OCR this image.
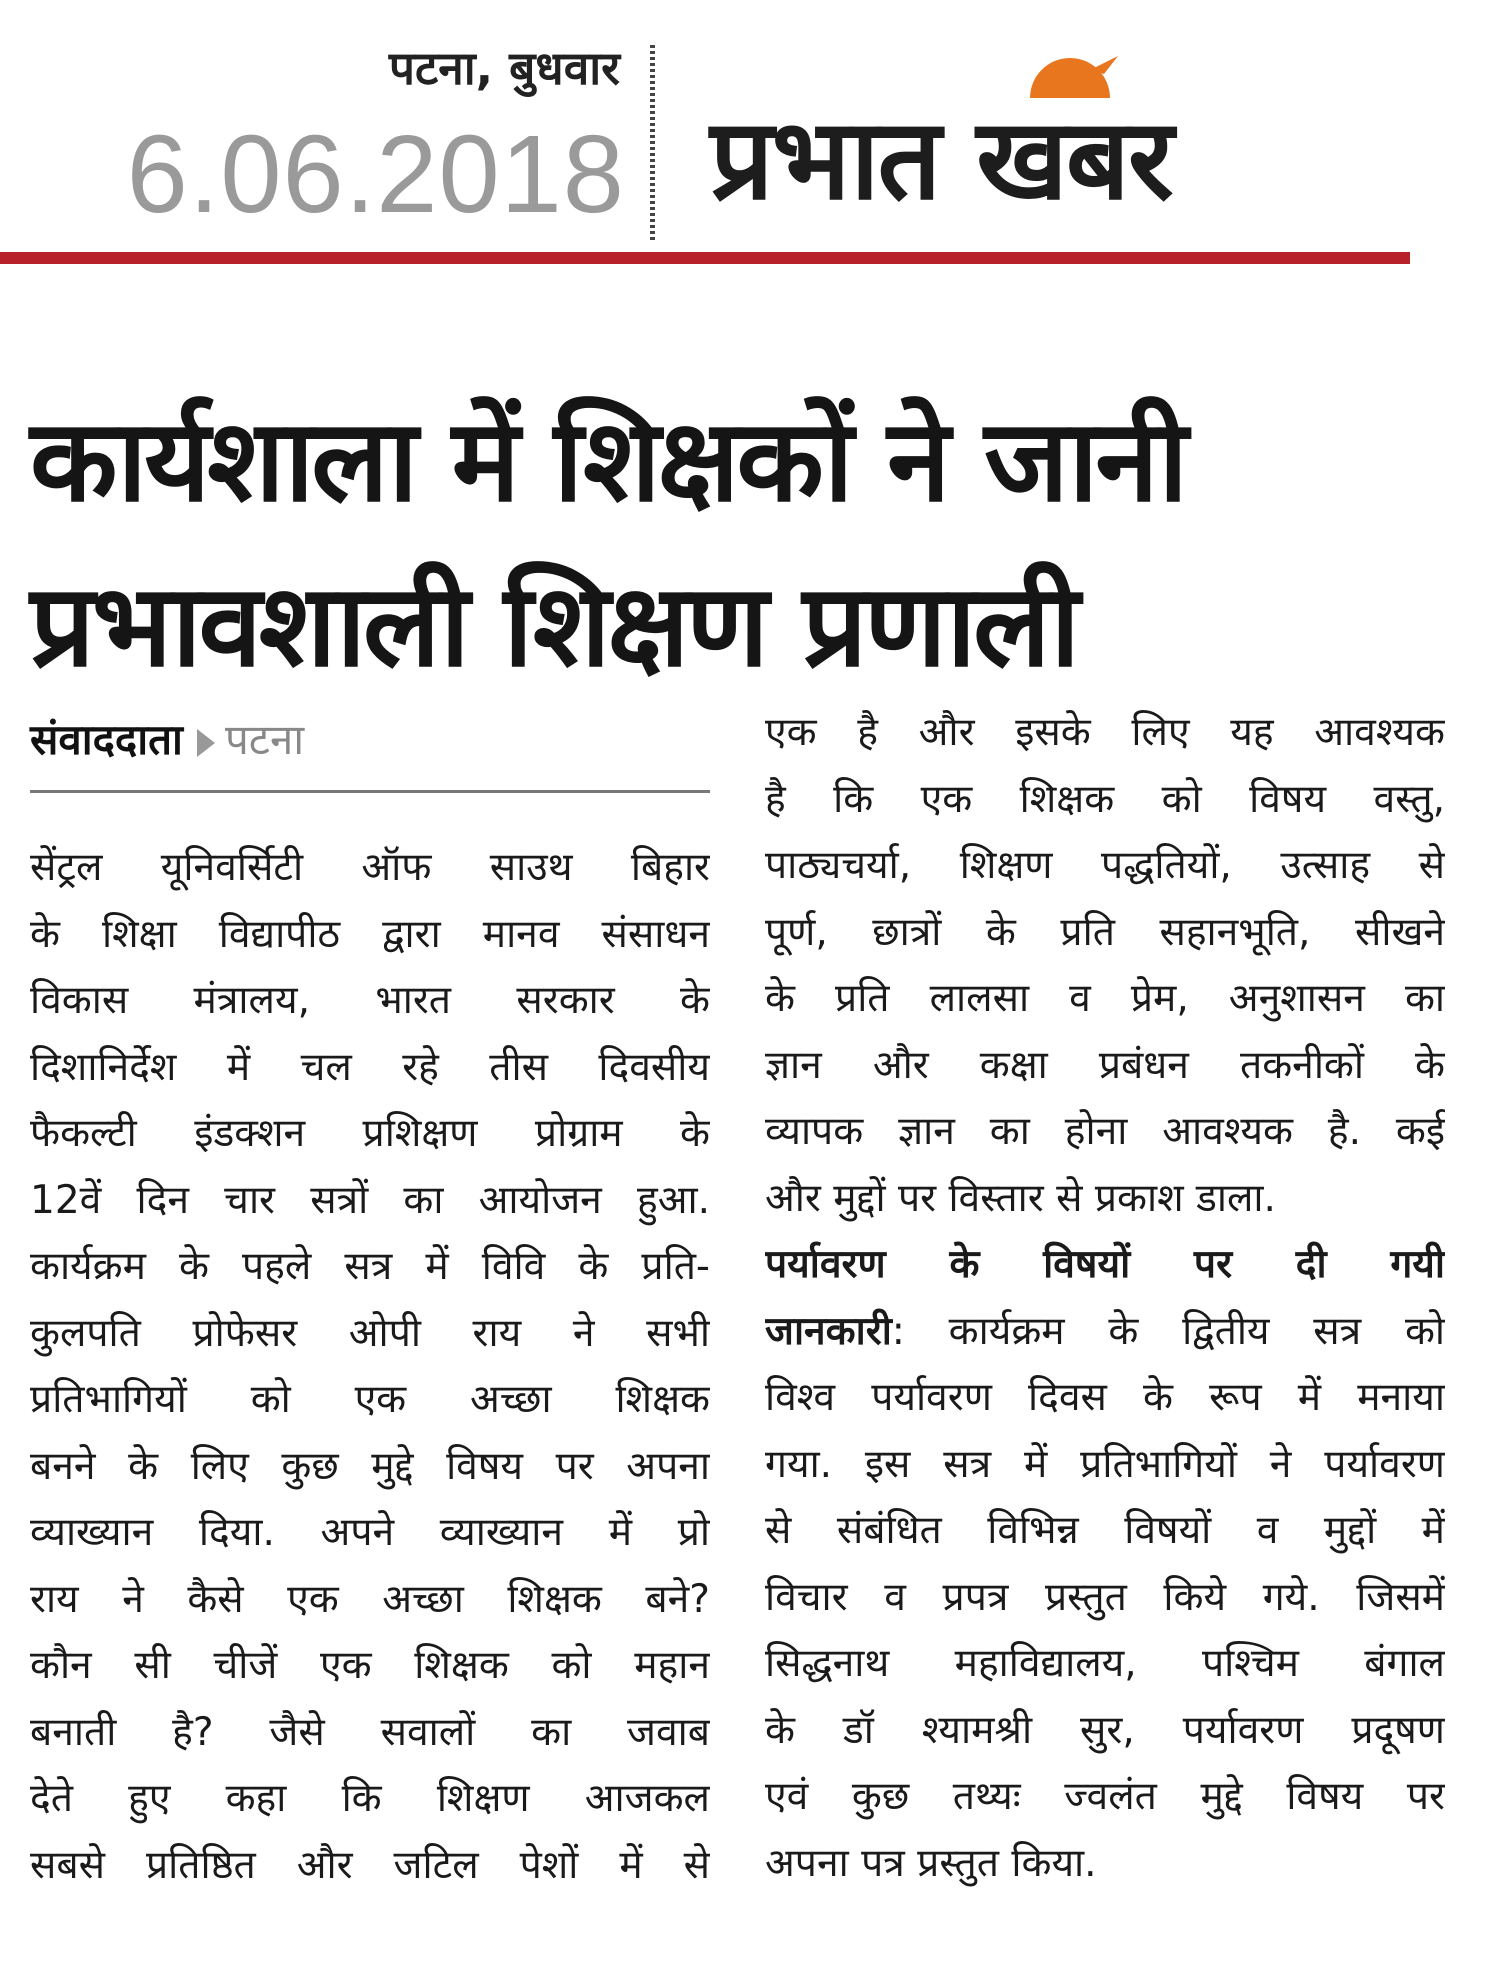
पटना, बुधवार
6.06.2018 प्रभात खबर
कार्यशाला में शिक्षकों ने जानी
प्रभावशाली शिक्षण प्रणाली
संवाददाता पटना
सेंट्रल यूनिवर्सिटी ऑफ साउथ बिहार
के शिक्षा विद्यापीठ द्वारा मानव संसाधन
विकास मंत्रालय, भारत सरकार के
दिशानिर्देश में चल रहे तीस दिवसीय
फैकल्टी इंडक्शन प्रशिक्षण प्रोग्राम के
12वें दिन चार सत्रों का आयोजन हुआ.
कार्यक्रम के पहले सत्र में विवि के प्रति-
कुलपति प्रोफेसर ओपी राय ने सभी
प्रतिभागियों को एक अच्छा शिक्षक
बनने के लिए कुछ मुद्दे विषय पर अपना
व्याख्यान दिया. अपने व्याख्यान में प्रो
राय ने कैसे एक अच्छा शिक्षक बने?
कौन सी चीजें एक शिक्षक को महान
बनाती है? जैसे सवालों का जवाब
देते हुए कहा कि शिक्षण आजकल
सबसे प्रतिष्ठित और जटिल पेशों में से
एक है और इसके लिए यह आवश्यक
है कि एक शिक्षक को विषय वस्तु,
पाठ्यचर्या, शिक्षण पद्धतियों, उत्साह से
पूर्ण, छात्रों के प्रति सहानभूति, सीखने
के प्रति लालसा व प्रेम, अनुशासन का
ज्ञान और कक्षा प्रबंधन तकनीकों के
व्यापक ज्ञान का होना आवश्यक है. कई
और मुद्दों पर विस्तार से प्रकाश डाला.
पर्यावरण के विषयों पर दी गयी
जानकारी: कार्यक्रम के द्वितीय सत्र को
विश्व पर्यावरण दिवस के रूप में मनाया
गया. इस सत्र में प्रतिभागियों ने पर्यावरण
से संबंधित विभिन्न विषयों व मुद्दों में
विचार व प्रपत्र प्रस्तुत किये गये. जिसमें
सिद्धनाथ महाविद्यालय, पश्चिम बंगाल
के डॉ श्यामश्री सुर, पर्यावरण प्रदूषण
एवं कुछ तथ्यः ज्वलंत मुद्दे विषय पर
अपना पत्र प्रस्तुत किया.
